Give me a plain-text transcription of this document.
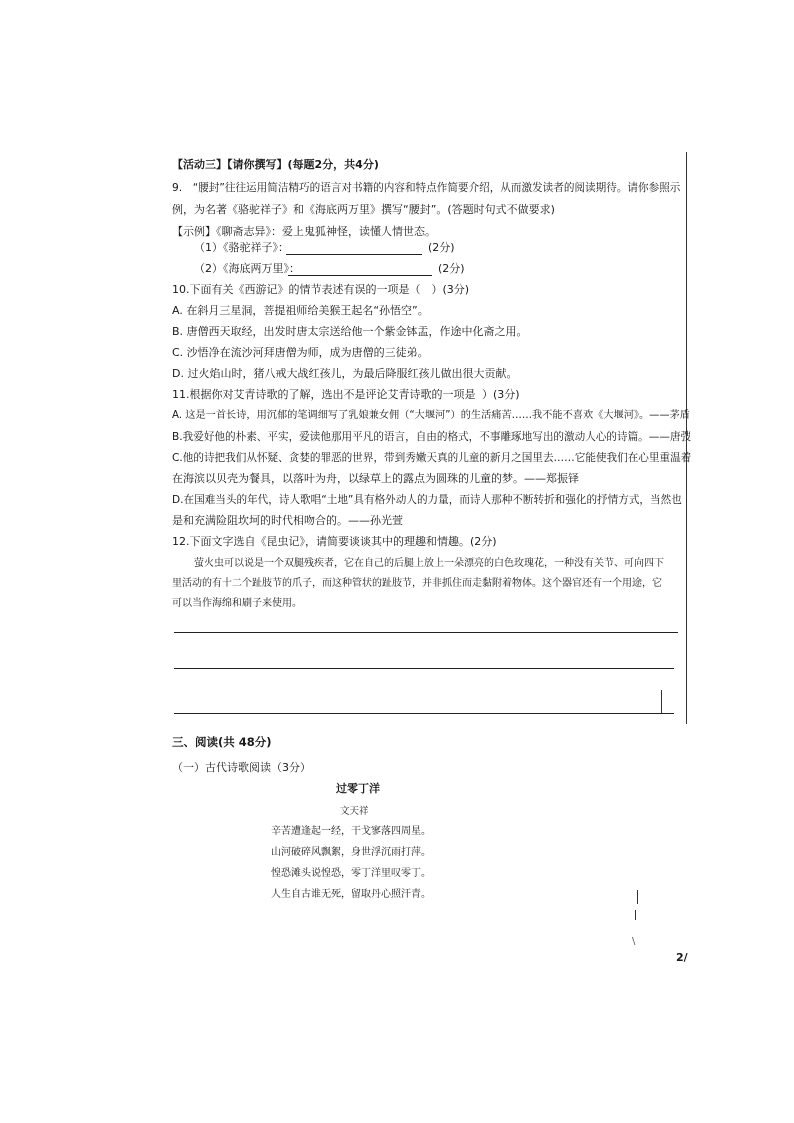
【活动三】【请你撰写】(每题2分，共4分)
9.　“腰封”往往运用简洁精巧的语言对书籍的内容和特点作简要介绍，从而激发读者的阅读期待。请你参照示
例，为名著《骆驼祥子》和《海底两万里》撰写“腰封”。(答题时句式不做要求)
【示例】《聊斋志异》：爱上鬼狐神怪，读懂人情世态。
（1）《骆驼祥子》：	(2分)
（2）《海底两万里》：	(2分)
10.下面有关《西游记》的情节表述有误的一项是（　）(3分)
A. 在斜月三星洞，菩提祖师给美猴王起名“孙悟空”。
B. 唐僧西天取经，出发时唐太宗送给他一个紫金钵盂，作途中化斋之用。
C. 沙悟净在流沙河拜唐僧为师，成为唐僧的三徒弟。
D. 过火焰山时，猪八戒大战红孩儿，为最后降服红孩儿做出很大贡献。
11.根据你对艾青诗歌的了解，选出不是评论艾青诗歌的一项是 ）(3分)
A. 这是一首长诗，用沉郁的笔调细写了乳娘兼女佣（“大堰河”）的生活痛苦……我不能不喜欢《大堰河》。——茅盾
B.我爱好他的朴素、平实，爱读他那用平凡的语言，自由的格式，不事雕琢地写出的激动人心的诗篇。——唐弢
C.他的诗把我们从怀疑、贪婪的罪恶的世界，带到秀嫩天真的儿童的新月之国里去……它能使我们在心里重温着
在海滨以贝壳为餐具，以落叶为舟，以绿草上的露点为圆珠的儿童的梦。——郑振铎
D.在国难当头的年代，诗人歌唱“土地”具有格外动人的力量，而诗人那种不断转折和强化的抒情方式，当然也
是和充满险阻坎坷的时代相吻合的。——孙光萱
12.下面文字选自《昆虫记》，请简要谈谈其中的理趣和情趣。(2分)
萤火虫可以说是一个双腿残疾者，它在自己的后腿上放上一朵漂亮的白色玫瑰花，一种没有关节、可向四下
里活动的有十二个趾肢节的爪子，而这种管状的趾肢节，并非抓住而走黏附着物体。这个器官还有一个用途，它
可以当作海绵和刷子来使用。
三、阅读(共 48分)
（一）古代诗歌阅读（3分）
过零丁洋
文天祥
辛苦遭逢起一经，干戈寥落四周星。
山河破碎风飘絮，身世浮沉雨打萍。
惶恐滩头说惶恐，零丁洋里叹零丁。
人生自古谁无死，留取丹心照汗青。
\
2/
